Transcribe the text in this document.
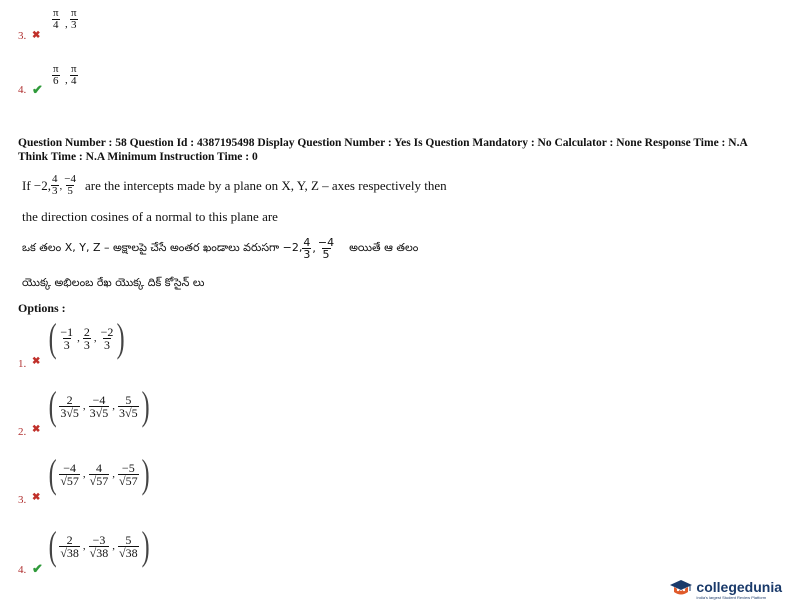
$\frac{\pi}{4}$ , $\frac{\pi}{3}$
3. ✖
$\frac{\pi}{6}$ , $\frac{\pi}{4}$
4. ✔
Question Number : 58 Question Id : 4387195498 Display Question Number : Yes Is Question Mandatory : No Calculator : None Response Time : N.A Think Time : N.A Minimum Instruction Time : 0
If −2, $\frac{4}{3}$ , $\frac{-4}{5}$ are the intercepts made by a plane on X, Y, Z – axes respectively then
the direction cosines of a normal to this plane are
ఒక తలం X, Y, Z – అక్షాలపై చేసే అంతర ఖండాలు వరుసగా −2, $\frac{4}{3}$ , $\frac{-4}{5}$ అయితే ఆ తలం
యొక్క అభిలంబ రేఖ యొక్క దిక్ కోసైన్ లు
Options :
( $\frac{-1}{3}$ , $\frac{2}{3}$ , $\frac{-2}{3}$ )
1. ✖
( $\frac{2}{3√5}$ , $\frac{-4}{3√5}$ , $\frac{5}{3√5}$ )
2. ✖
( $\frac{-4}{√57}$ , $\frac{4}{√57}$ , $\frac{-5}{√57}$ )
3. ✖
( $\frac{2}{√38}$ , $\frac{-3}{√38}$ , $\frac{5}{√38}$ )
4. ✔
collegedunia
India's largest Student Review Platform
